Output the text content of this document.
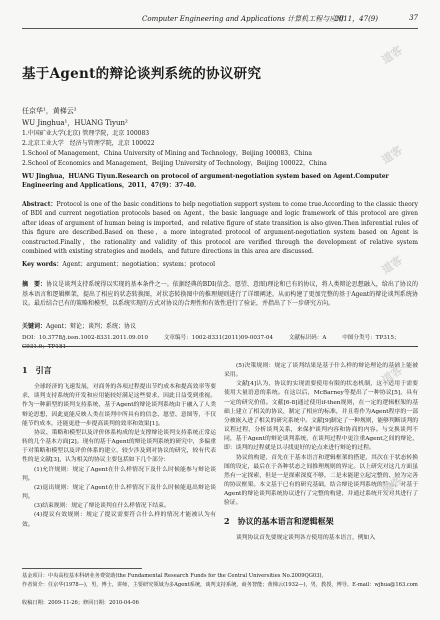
Computer Engineering and Applications 计算机工程与应用
2011，47(9)	37
基于Agent的辩论谈判系统的协议研究
任京华¹，黄梯云²
WU Jinghua¹，HUANG Tiyun²
1.中国矿业大学(北京) 管理学院，北京 100083
2.北京工业大学　经济与管理学院，北京 100022
1.School of Management，China University of Mining and Technology，Beijing 100083，China
2.School of Economics and Management，Beijing University of Technology，Beijing 100022，China
WU Jinghua，HUANG Tiyun.Research on protocol of argument-negotiation system based on Agent.Computer Engineering and Applications，2011，47(9)：37-40.
Abstract：Protocol is one of the basic conditions to help negotiation support system to come true.According to the classic theory of BDI and current negotiation protocols based on Agent，the basic language and logic framework of this protocol are given after ideas of argument of human being is imported，and relative figure of state transition is also given.Then inferential rules of this figure are described.Based on these，a more integrated protocol of argument-negotiation system based on Agent is constructed.Finally，the rationality and validity of this protocol are verified through the development of relative system combined with existing strategies and models，and future directions in this area are discussed.
Key words：Agent；argument；negotiation；system；protocol
摘　要：协议是谈判支持系统得以实现的基本条件之一。依据经典的BDI(信念、愿望、意图)理论和已有的协议，将人类辩论思想融入，给出了协议的基本语言和逻辑框架，提出了相应的状态转换图，对状态转换图中的推理规则进行了详细阐述，从而构建了更加完整的基于Agent的辩论谈判系统协议。最后结合已有的策略和模型，以系统实现的方式对协议的合理性和有效性进行了验证，并指出了下一步研究方向。
关键词：Agent；辩论；谈判；系统；协议
DOI：10.3778/j.issn.1002-8331.2011.09.010	文章编号：1002-8331(2011)09-0037-04	文献标识码：A	中图分类号：TP315；C931.9；TP181
1　引言

全球经济的飞速发展，对商务的各项过程提出节约成本和提高效率等要求，谈判支持系统的开发和应用能较好满足这些要求，因此日益受到重视。作为一种新型的谈判支持系统，基于Agent的辩论谈判系统由于融入了人类辩论思想，因此更能反映人类在谈判中所具有的信念、愿望、意图等，不仅能节约成本，还能更进一步提高谈判的效率和效果[1]。

协议、策略和模型以及评价体系构成的是支撑辩论谈判支持系统正常运转的几个基本方面[2]。现有的基于Agent的辩论谈判系统的研究中，多偏重于对策略和模型以及评价体系的建立，较少涉及到对协议的研究，较有代表性的是文献[3]，认为相关的协议主要包括如下几个部分：

(1)允许规则：规定了Agent在什么样情况下及什么时候能参与辩论谈判。

(2)退出规则：规定了Agent在什么样情况下及什么时候能退出辩论谈判。

(3)结束规则：规定了辩论谈判在什么样情况下结束。

(4)提议有效规则：规定了提议需要符合什么样的情况才能被认为有效。

(5)决策规则：规定了谈判结果是基于什么样的辩论理论的基础上能被采用。

文献[4]认为，协议的实现需要使用有限的状态机制，这不适用于需要使用大量语意的系统。在这以后，McBarney等提出了一种协议[5]，具有一定的研究价值。文献[6-8]通过使用if-then规则，在一定的逻辑框架的基础上建立了相关的协议，制定了相应的标准，并且将作为Agent程序的一部分被嵌入进了相关的研究系统中。文献[9]制定了一种规则，能够判断谈判的议程过程，分析谈判关系，来保护谈判内容和协商的内容。与交换谈判不同，基于Agent的辩论谈判系统，在谈判过程中更注重Agent之间的辩论，即：谈判的过程就是以寻找更好的论点来进行辩论的过程。

协议的构建，首先在于基本语言和逻辑框架的搭建，其次在于状态转换图的设定，最后在于各种状态之间推理规则的界定。以上研究对这几方面虽然有一定探索，但是一是探索深度不够，二是未能建立起完整的、较为完善的协议框架。本文基于已有的研究基础，结合辩论谈判系统的特点，对基于Agent的辩论谈判系统协议进行了完整的构建，并通过系统开发对其进行了验证。

2　协议的基本语言和逻辑框架

谈判协议首先要规定谈判各方使用的基本语言，例如入

基金项目：中央高校基本科研业务费资助(the Fundamental Research Funds for the Central Universities No.2009QG03)。
作者简介：任京华(1978—)，男，博士，讲师，主要研究领域为多Agent系统，谈判支持系统，商务智能；黄梯云(1932—)，男，教授，博导。E-mail：wjhua@163.com
收稿日期：2009-11-26；修回日期：2010-04-06
道客
道客
道客
道客
道客
